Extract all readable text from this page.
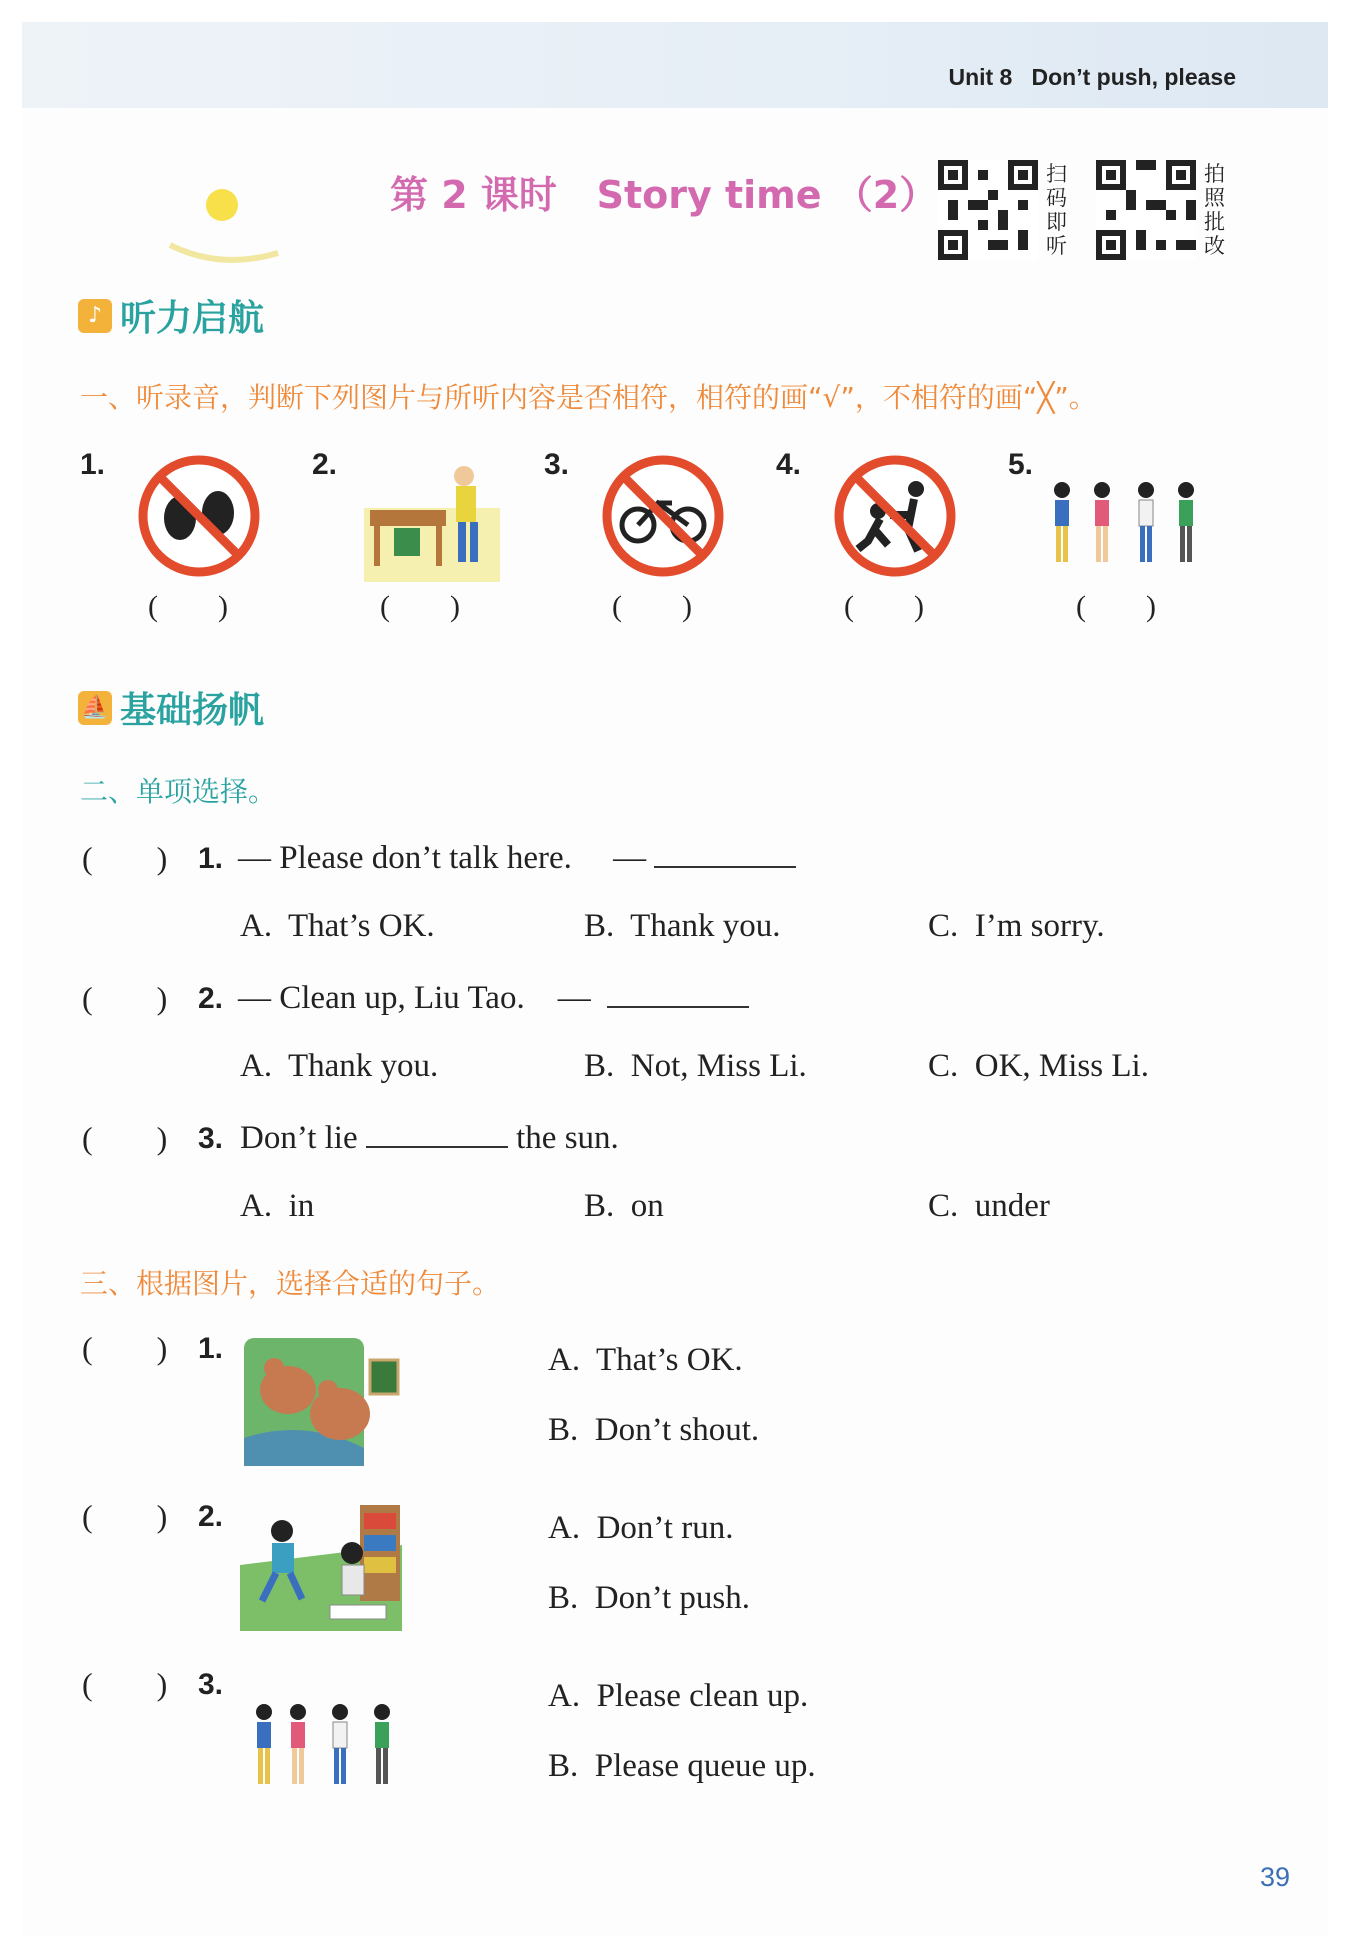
Unit 8   Don’t push, please
第 2 课时   Story time （2）	扫
码
即
听
拍
照
批
改
♪ 听力启航
一、听录音，判断下列图片与所听内容是否相符，相符的画“√”，不相符的画“╳”。
1.
(        )
2.
(        )
3.
(        )
4.
(        )
5.
(        )
⛵ 基础扬帆
二、单项选择。
(        ) 1. — Please don’t talk here. —
A.  That’s OK.	B.  Thank you.	C.  I’m sorry.
(        ) 2. — Clean up, Liu Tao. —
A.  Thank you.	B.  Not, Miss Li.	C.  OK, Miss Li.
(        ) 3. Don’t lie	the sun.
A.  in	B.  on	C.  under
三、根据图片，选择合适的句子。
(        ) 1.	A.  That’s OK.
B.  Don’t shout.
(        ) 2.	A.  Don’t run.
B.  Don’t push.
(        ) 3.	A.  Please clean up.
B.  Please queue up.
39
